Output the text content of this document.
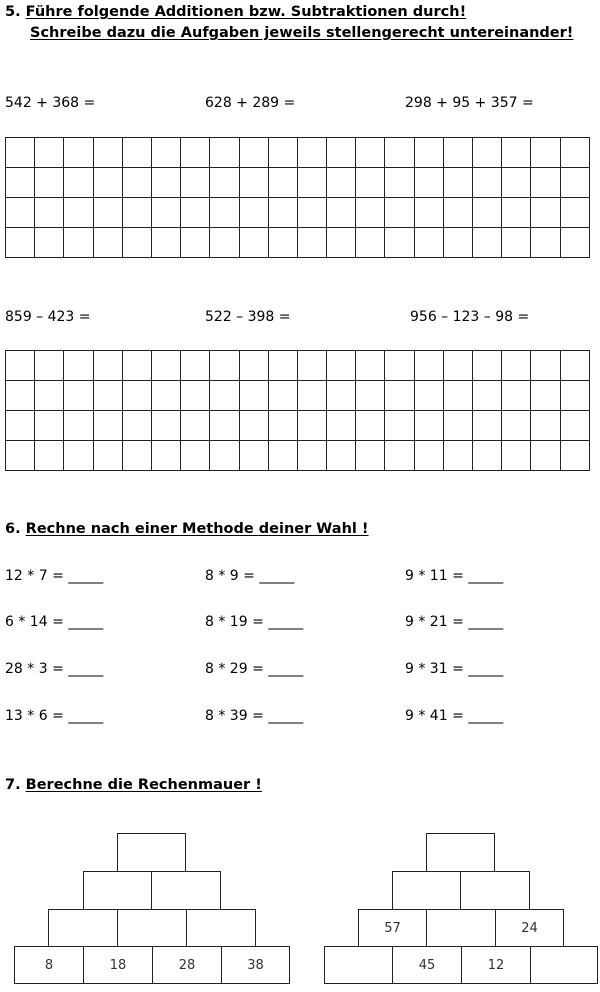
5. Führe folgende Additionen bzw. Subtraktionen durch!
Schreibe dazu die Aufgaben jeweils stellengerecht untereinander!
542 + 368 =	628 + 289 =	298 + 95 + 357 =

859 – 423 =	522 – 398 =	956 – 123 – 98 =

6. Rechne nach einer Methode deiner Wahl !
12 * 7 = _____	8 * 9 = _____	9 * 11 = _____
6 * 14 = _____	8 * 19 = _____	9 * 21 = _____
28 * 3 = _____	8 * 29 = _____	9 * 31 = _____
13 * 6 = _____	8 * 39 = _____	9 * 41 = _____
7. Berechne die Rechenmauer !
8	18	28	38
57	24
45	12
